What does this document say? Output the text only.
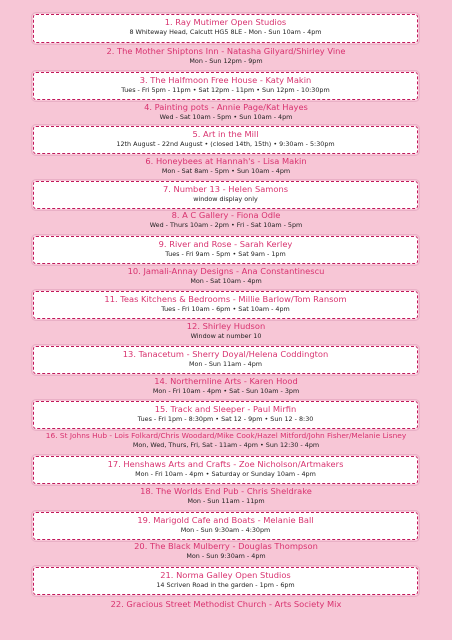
1. Ray Mutimer Open Studios
8 Whiteway Head, Calcutt HG5 8LE - Mon - Sun 10am - 4pm
2. The Mother Shiptons Inn - Natasha Gilyard/Shirley Vine
Mon - Sun 12pm - 9pm
3. The Halfmoon Free House - Katy Makin
Tues - Fri 5pm - 11pm • Sat 12pm - 11pm • Sun 12pm - 10:30pm
4. Painting pots - Annie Page/Kat Hayes
Wed - Sat 10am - 5pm • Sun 10am - 4pm
5. Art in the Mill
12th August - 22nd August • (closed 14th, 15th) • 9:30am - 5:30pm
6. Honeybees at Hannah's - Lisa Makin
Mon - Sat 8am - 5pm • Sun 10am - 4pm
7. Number 13 - Helen Samons
window display only
8. A C Gallery - Fiona Odle
Wed - Thurs 10am - 2pm • Fri - Sat 10am - 5pm
9. River and Rose - Sarah Kerley
Tues - Fri 9am - 5pm • Sat 9am - 1pm
10. Jamali-Annay Designs - Ana Constantinescu
Mon - Sat 10am - 4pm
11. Teas Kitchens & Bedrooms - Millie Barlow/Tom Ransom
Tues - Fri 10am - 6pm • Sat 10am - 4pm
12. Shirley Hudson
Window at number 10
13. Tanacetum - Sherry Doyal/Helena Coddington
Mon - Sun 11am - 4pm
14. Northernline Arts - Karen Hood
Mon - Fri 10am - 4pm • Sat - Sun 10am - 3pm
15. Track and Sleeper - Paul Mirfin
Tues - Fri 1pm - 8:30pm • Sat 12 - 9pm • Sun 12 - 8:30
16. St Johns Hub - Lois Folkard/Chris Woodard/Mike Cook/Hazel Mitford/John Fisher/Melanie Lisney
Mon, Wed, Thurs, Fri, Sat - 11am - 4pm • Sun 12:30 - 4pm
17. Henshaws Arts and Crafts - Zoe Nicholson/Artmakers
Mon - Fri 10am - 4pm • Saturday or Sunday 10am - 4pm
18. The Worlds End Pub - Chris Sheldrake
Mon - Sun 11am - 11pm
19. Marigold Cafe and Boats - Melanie Ball
Mon - Sun 9:30am - 4:30pm
20. The Black Mulberry - Douglas Thompson
Mon - Sun 9:30am - 4pm
21. Norma Galley Open Studios
14 Scriven Road in the garden - 1pm - 6pm
22. Gracious Street Methodist Church - Arts Society Mix
